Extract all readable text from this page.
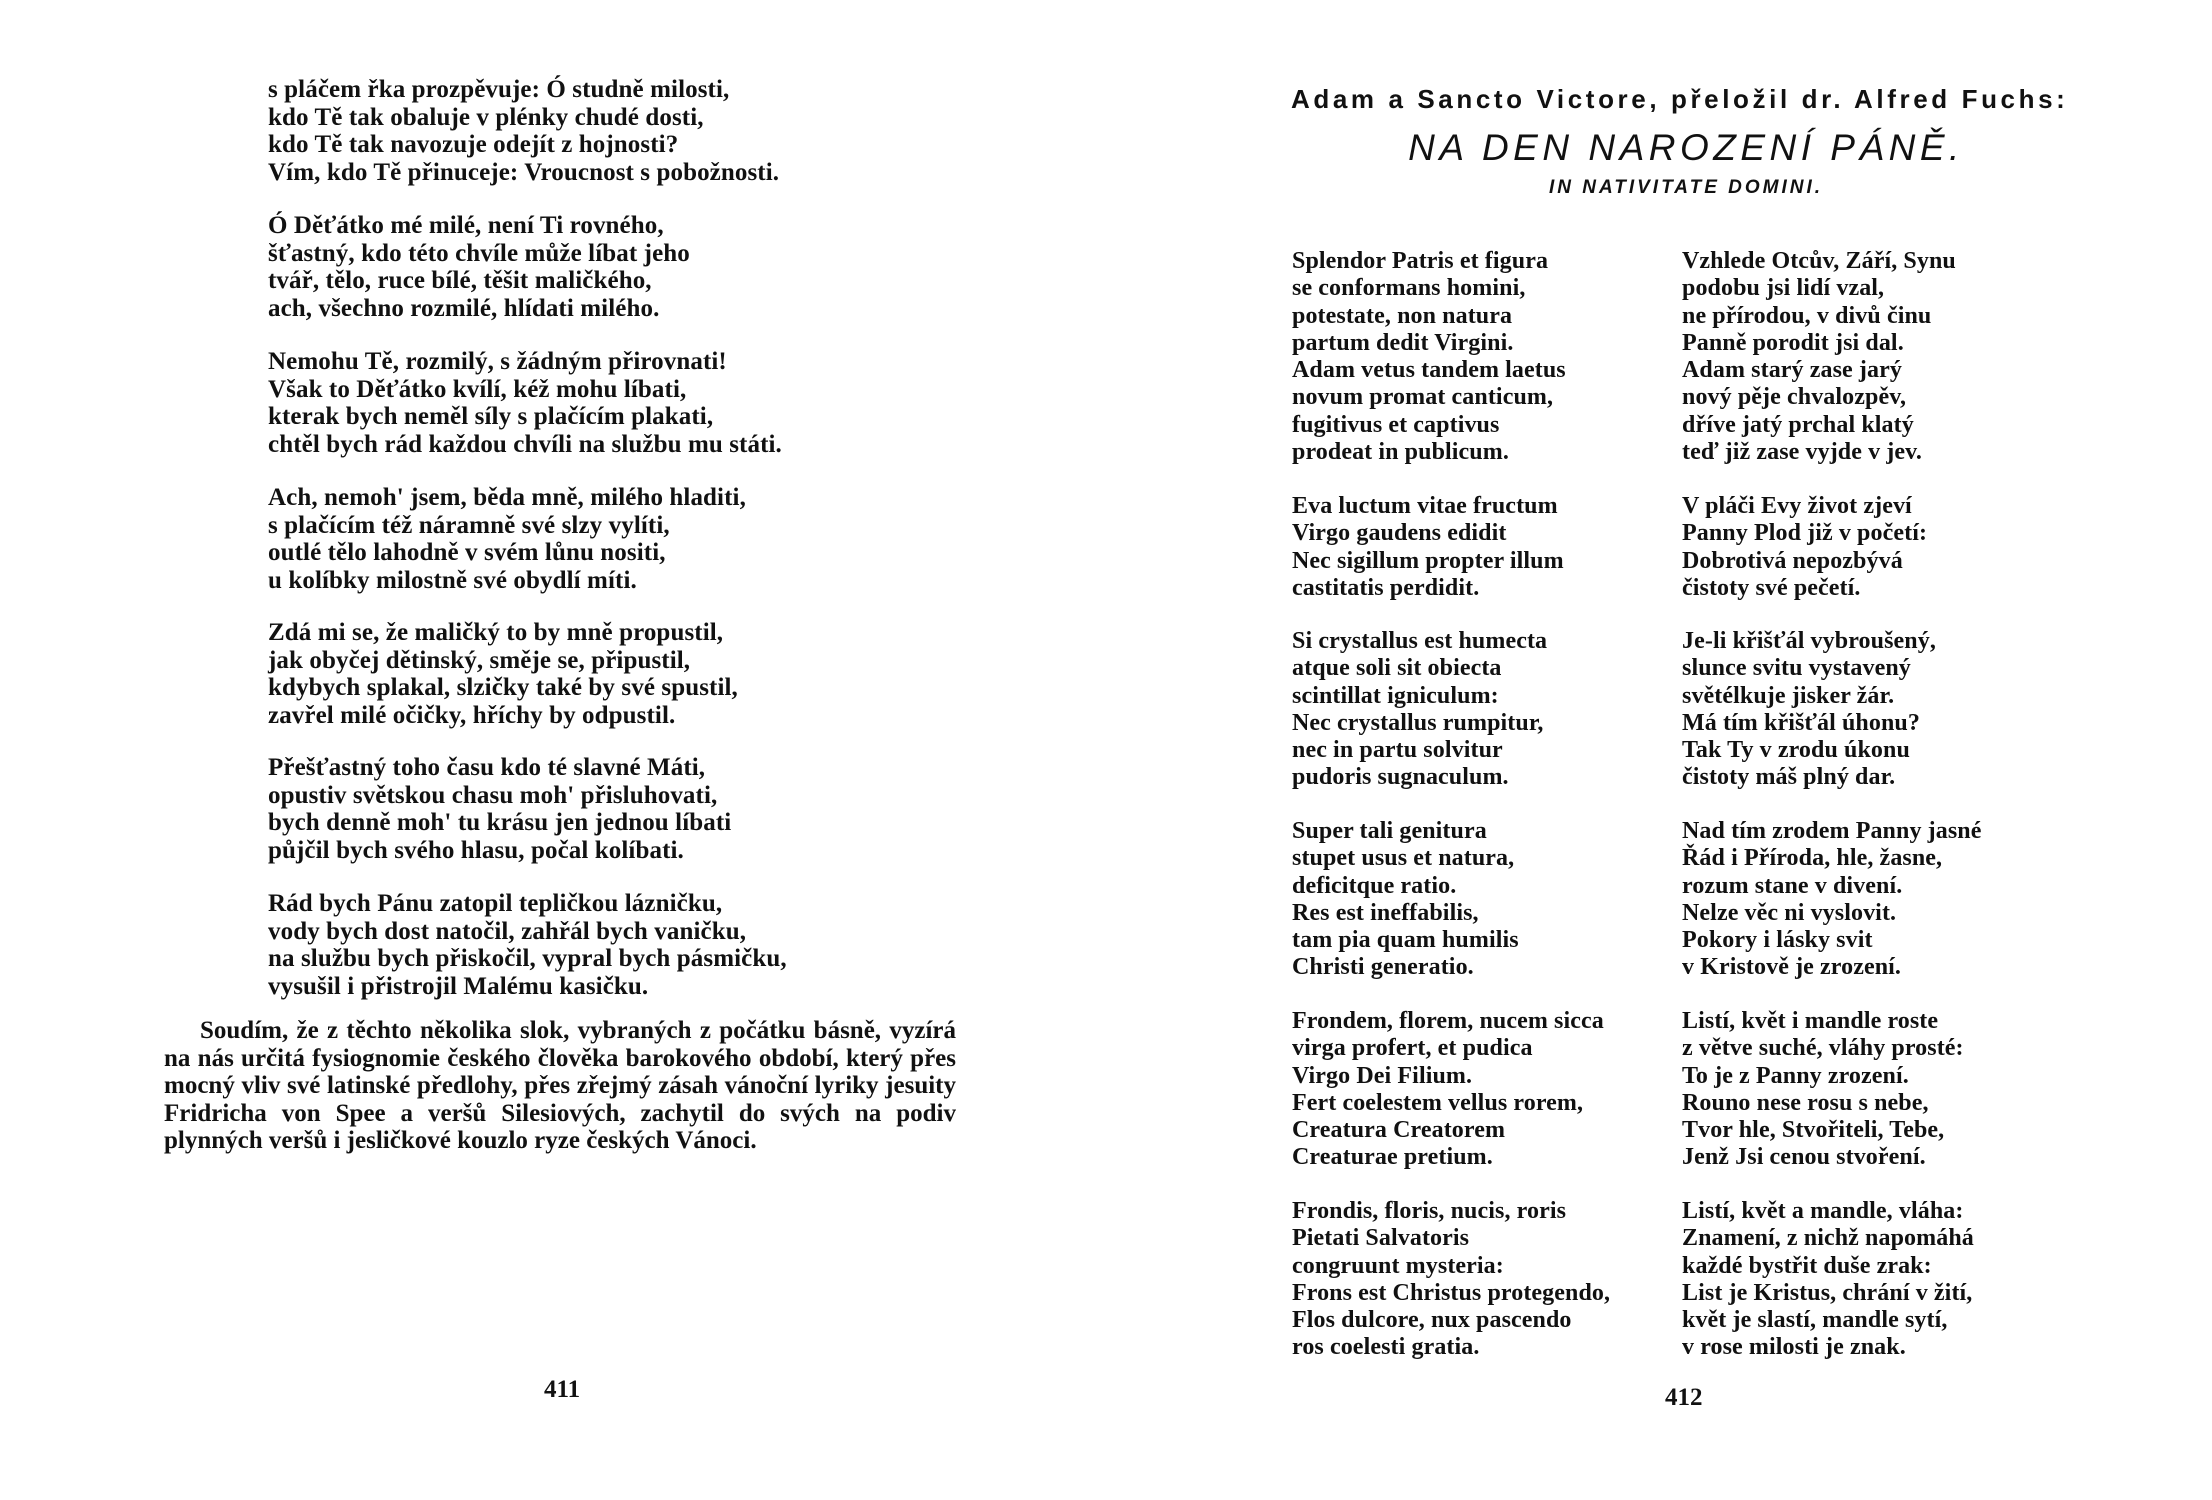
s pláčem řka prozpěvuje: Ó studně milosti,
kdo Tě tak obaluje v plénky chudé dosti,
kdo Tě tak navozuje odejít z hojnosti?
Vím, kdo Tě přinuceje: Vroucnost s pobožnosti.
Ó Děťátko mé milé, není Ti rovného,
šťastný, kdo této chvíle může líbat jeho
tvář, tělo, ruce bílé, těšit maličkého,
ach, všechno rozmilé, hlídati milého.
Nemohu Tě, rozmilý, s žádným přirovnati!
Však to Děťátko kvílí, kéž mohu líbati,
kterak bych neměl síly s plačícím plakati,
chtěl bych rád každou chvíli na službu mu státi.
Ach, nemoh' jsem, běda mně, milého hladiti,
s plačícím též náramně své slzy vylíti,
outlé tělo lahodně v svém lůnu nositi,
u kolíbky milostně své obydlí míti.
Zdá mi se, že maličký to by mně propustil,
jak obyčej dětinský, směje se, připustil,
kdybych splakal, slzičky také by své spustil,
zavřel milé očičky, hříchy by odpustil.
Přešťastný toho času kdo té slavné Máti,
opustiv světskou chasu moh' přisluhovati,
bych denně moh' tu krásu jen jednou líbati
půjčil bych svého hlasu, počal kolíbati.
Rád bych Pánu zatopil tepličkou lázničku,
vody bych dost natočil, zahřál bych vaničku,
na službu bych přiskočil, vypral bych pásmičku,
vysušil i přistrojil Malému kasičku.

Soudím, že z těchto několika slok, vybraných z počátku básně, vyzírá na nás určitá fysiognomie českého člověka barokového období, který přes mocný vliv své latinské předlohy, přes zřejmý zásah vánoční lyriky jesuity Fridricha von Spee a veršů Silesiových, zachytil do svých na podiv plynných veršů i jesličkové kouzlo ryze českých Vánoci.

411
Adam a Sancto Victore, přeložil dr. Alfred Fuchs:
NA DEN NAROZENÍ PÁNĚ.
IN NATIVITATE DOMINI.
Splendor Patris et figura
se conformans homini,
potestate, non natura
partum dedit Virgini.
Adam vetus tandem laetus
novum promat canticum,
fugitivus et captivus
prodeat in publicum.
Eva luctum vitae fructum
Virgo gaudens edidit
Nec sigillum propter illum
castitatis perdidit.
Si crystallus est humecta
atque soli sit obiecta
scintillat igniculum:
Nec crystallus rumpitur,
nec in partu solvitur
pudoris sugnaculum.
Super tali genitura
stupet usus et natura,
deficitque ratio.
Res est ineffabilis,
tam pia quam humilis
Christi generatio.
Frondem, florem, nucem sicca
virga profert, et pudica
Virgo Dei Filium.
Fert coelestem vellus rorem,
Creatura Creatorem
Creaturae pretium.
Frondis, floris, nucis, roris
Pietati Salvatoris
congruunt mysteria:
Frons est Christus protegendo,
Flos dulcore, nux pascendo
ros coelesti gratia.
Vzhlede Otcův, Září, Synu
podobu jsi lidí vzal,
ne přírodou, v divů činu
Panně porodit jsi dal.
Adam starý zase jarý
nový pěje chvalozpěv,
dříve jatý prchal klatý
teď již zase vyjde v jev.
V pláči Evy život zjeví
Panny Plod již v početí:
Dobrotivá nepozbývá
čistoty své pečetí.
Je-li křišťál vybroušený,
slunce svitu vystavený
světélkuje jisker žár.
Má tím křišťál úhonu?
Tak Ty v zrodu úkonu
čistoty máš plný dar.
Nad tím zrodem Panny jasné
Řád i Příroda, hle, žasne,
rozum stane v divení.
Nelze věc ni vyslovit.
Pokory i lásky svit
v Kristově je zrození.
Listí, květ i mandle roste
z větve suché, vláhy prosté:
To je z Panny zrození.
Rouno nese rosu s nebe,
Tvor hle, Stvořiteli, Tebe,
Jenž Jsi cenou stvoření.
Listí, květ a mandle, vláha:
Znamení, z nichž napomáhá
každé bystřit duše zrak:
List je Kristus, chrání v žití,
květ je slastí, mandle sytí,
v rose milosti je znak.
412
